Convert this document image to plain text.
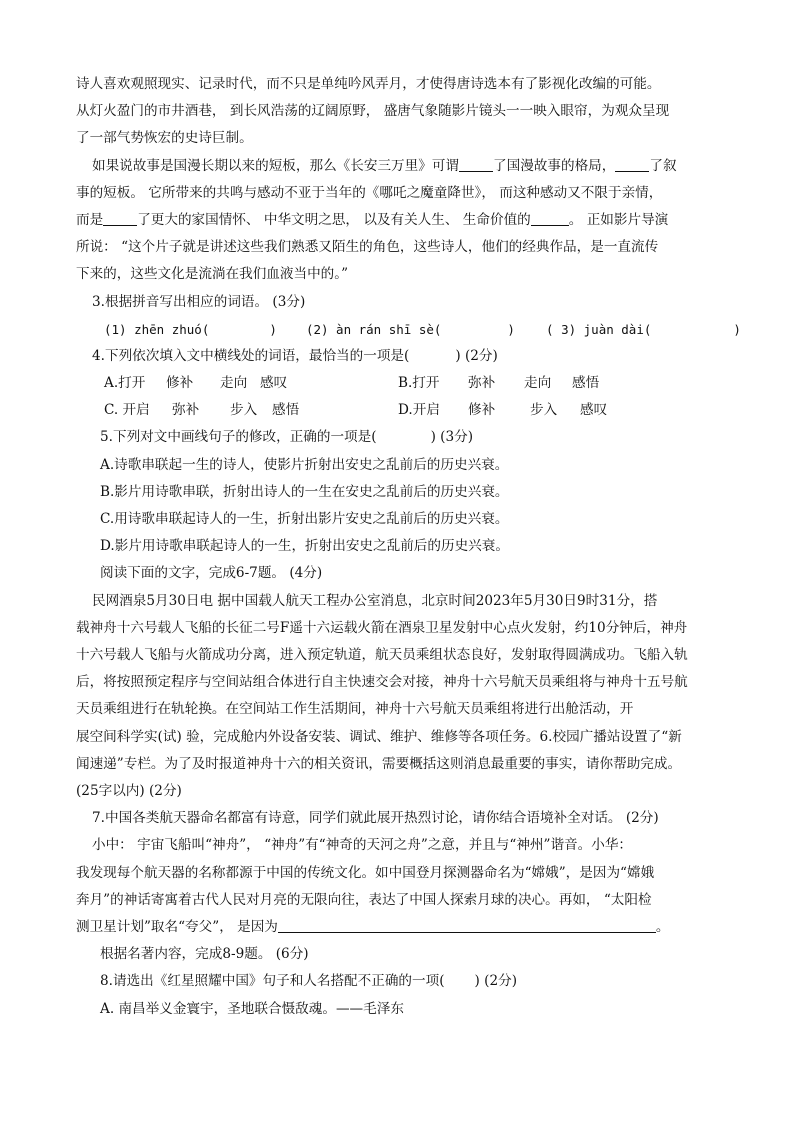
诗人喜欢观照现实、记录时代，而不只是单纯吟风弄月，才使得唐诗选本有了影视化改编的可能。
从灯火盈门的市井酒巷， 到长风浩荡的辽阔原野， 盛唐气象随影片镜头一一映入眼帘，为观众呈现
了一部气势恢宏的史诗巨制。
如果说故事是国漫长期以来的短板，那么《长安三万里》可谓	了国漫故事的格局，	了叙
事的短板。 它所带来的共鸣与感动不亚于当年的《哪吒之魔童降世》， 而这种感动又不限于亲情，
而是	了更大的家国情怀、 中华文明之思， 以及有关人生、 生命价值的	。 正如影片导演
所说： “这个片子就是讲述这些我们熟悉又陌生的角色，这些诗人，他们的经典作品，是一直流传
下来的，这些文化是流淌在我们血液当中的。”
3.根据拼音写出相应的词语。 (3分)
(1) zhēn zhuó(	) (2) àn rán shī sè(	) ( 3) juàn dài(	)
4.下列依次填入文中横线处的词语，最恰当的一项是(	) (2分)
A.打开 修补 走向 感叹	B.打开 弥补 走向 感悟
C. 开启 弥补 步入 感悟	D.开启 修补	步入 感叹
5.下列对文中画线句子的修改，正确的一项是(	) (3分)
A.诗歌串联起一生的诗人，使影片折射出安史之乱前后的历史兴衰。
B.影片用诗歌串联，折射出诗人的一生在安史之乱前后的历史兴衰。
C.用诗歌串联起诗人的一生，折射出影片安史之乱前后的历史兴衰。
D.影片用诗歌串联起诗人的一生，折射出安史之乱前后的历史兴衰。
阅读下面的文字，完成6-7题。 (4分)
民网酒泉5月30日电 据中国载人航天工程办公室消息，北京时间2023年5月30日9时31分，搭
载神舟十六号载人飞船的长征二号F遥十六运载火箭在酒泉卫星发射中心点火发射，约10分钟后，神舟
十六号载人飞船与火箭成功分离，进入预定轨道，航天员乘组状态良好，发射取得圆满成功。飞船入轨
后，将按照预定程序与空间站组合体进行自主快速交会对接，神舟十六号航天员乘组将与神舟十五号航
天员乘组进行在轨轮换。在空间站工作生活期间，神舟十六号航天员乘组将进行出舱活动，开
展空间科学实(试) 验，完成舱内外设备安装、调试、维护、维修等各项任务。6.校园广播站设置了“新
闻速递”专栏。为了及时报道神舟十六的相关资讯，需要概括这则消息最重要的事实，请你帮助完成。
(25字以内) (2分)
7.中国各类航天器命名都富有诗意，同学们就此展开热烈讨论，请你结合语境补全对话。 (2分)
小中： 宇宙飞船叫“神舟”， “神舟”有“神奇的天河之舟”之意，并且与“神州”谐音。小华：
我发现每个航天器的名称都源于中国的传统文化。如中国登月探测器命名为“嫦娥”，是因为“嫦娥
奔月”的神话寄寓着古代人民对月亮的无限向往，表达了中国人探索月球的决心。再如， “太阳检
测卫星计划”取名“夸父”， 是因为	。
根据名著内容，完成8-9题。 (6分)
8.请选出《红星照耀中国》句子和人名搭配不正确的一项( ) (2分)
A. 南昌举义金寰宇，圣地联合慑敌魂。——毛泽东
